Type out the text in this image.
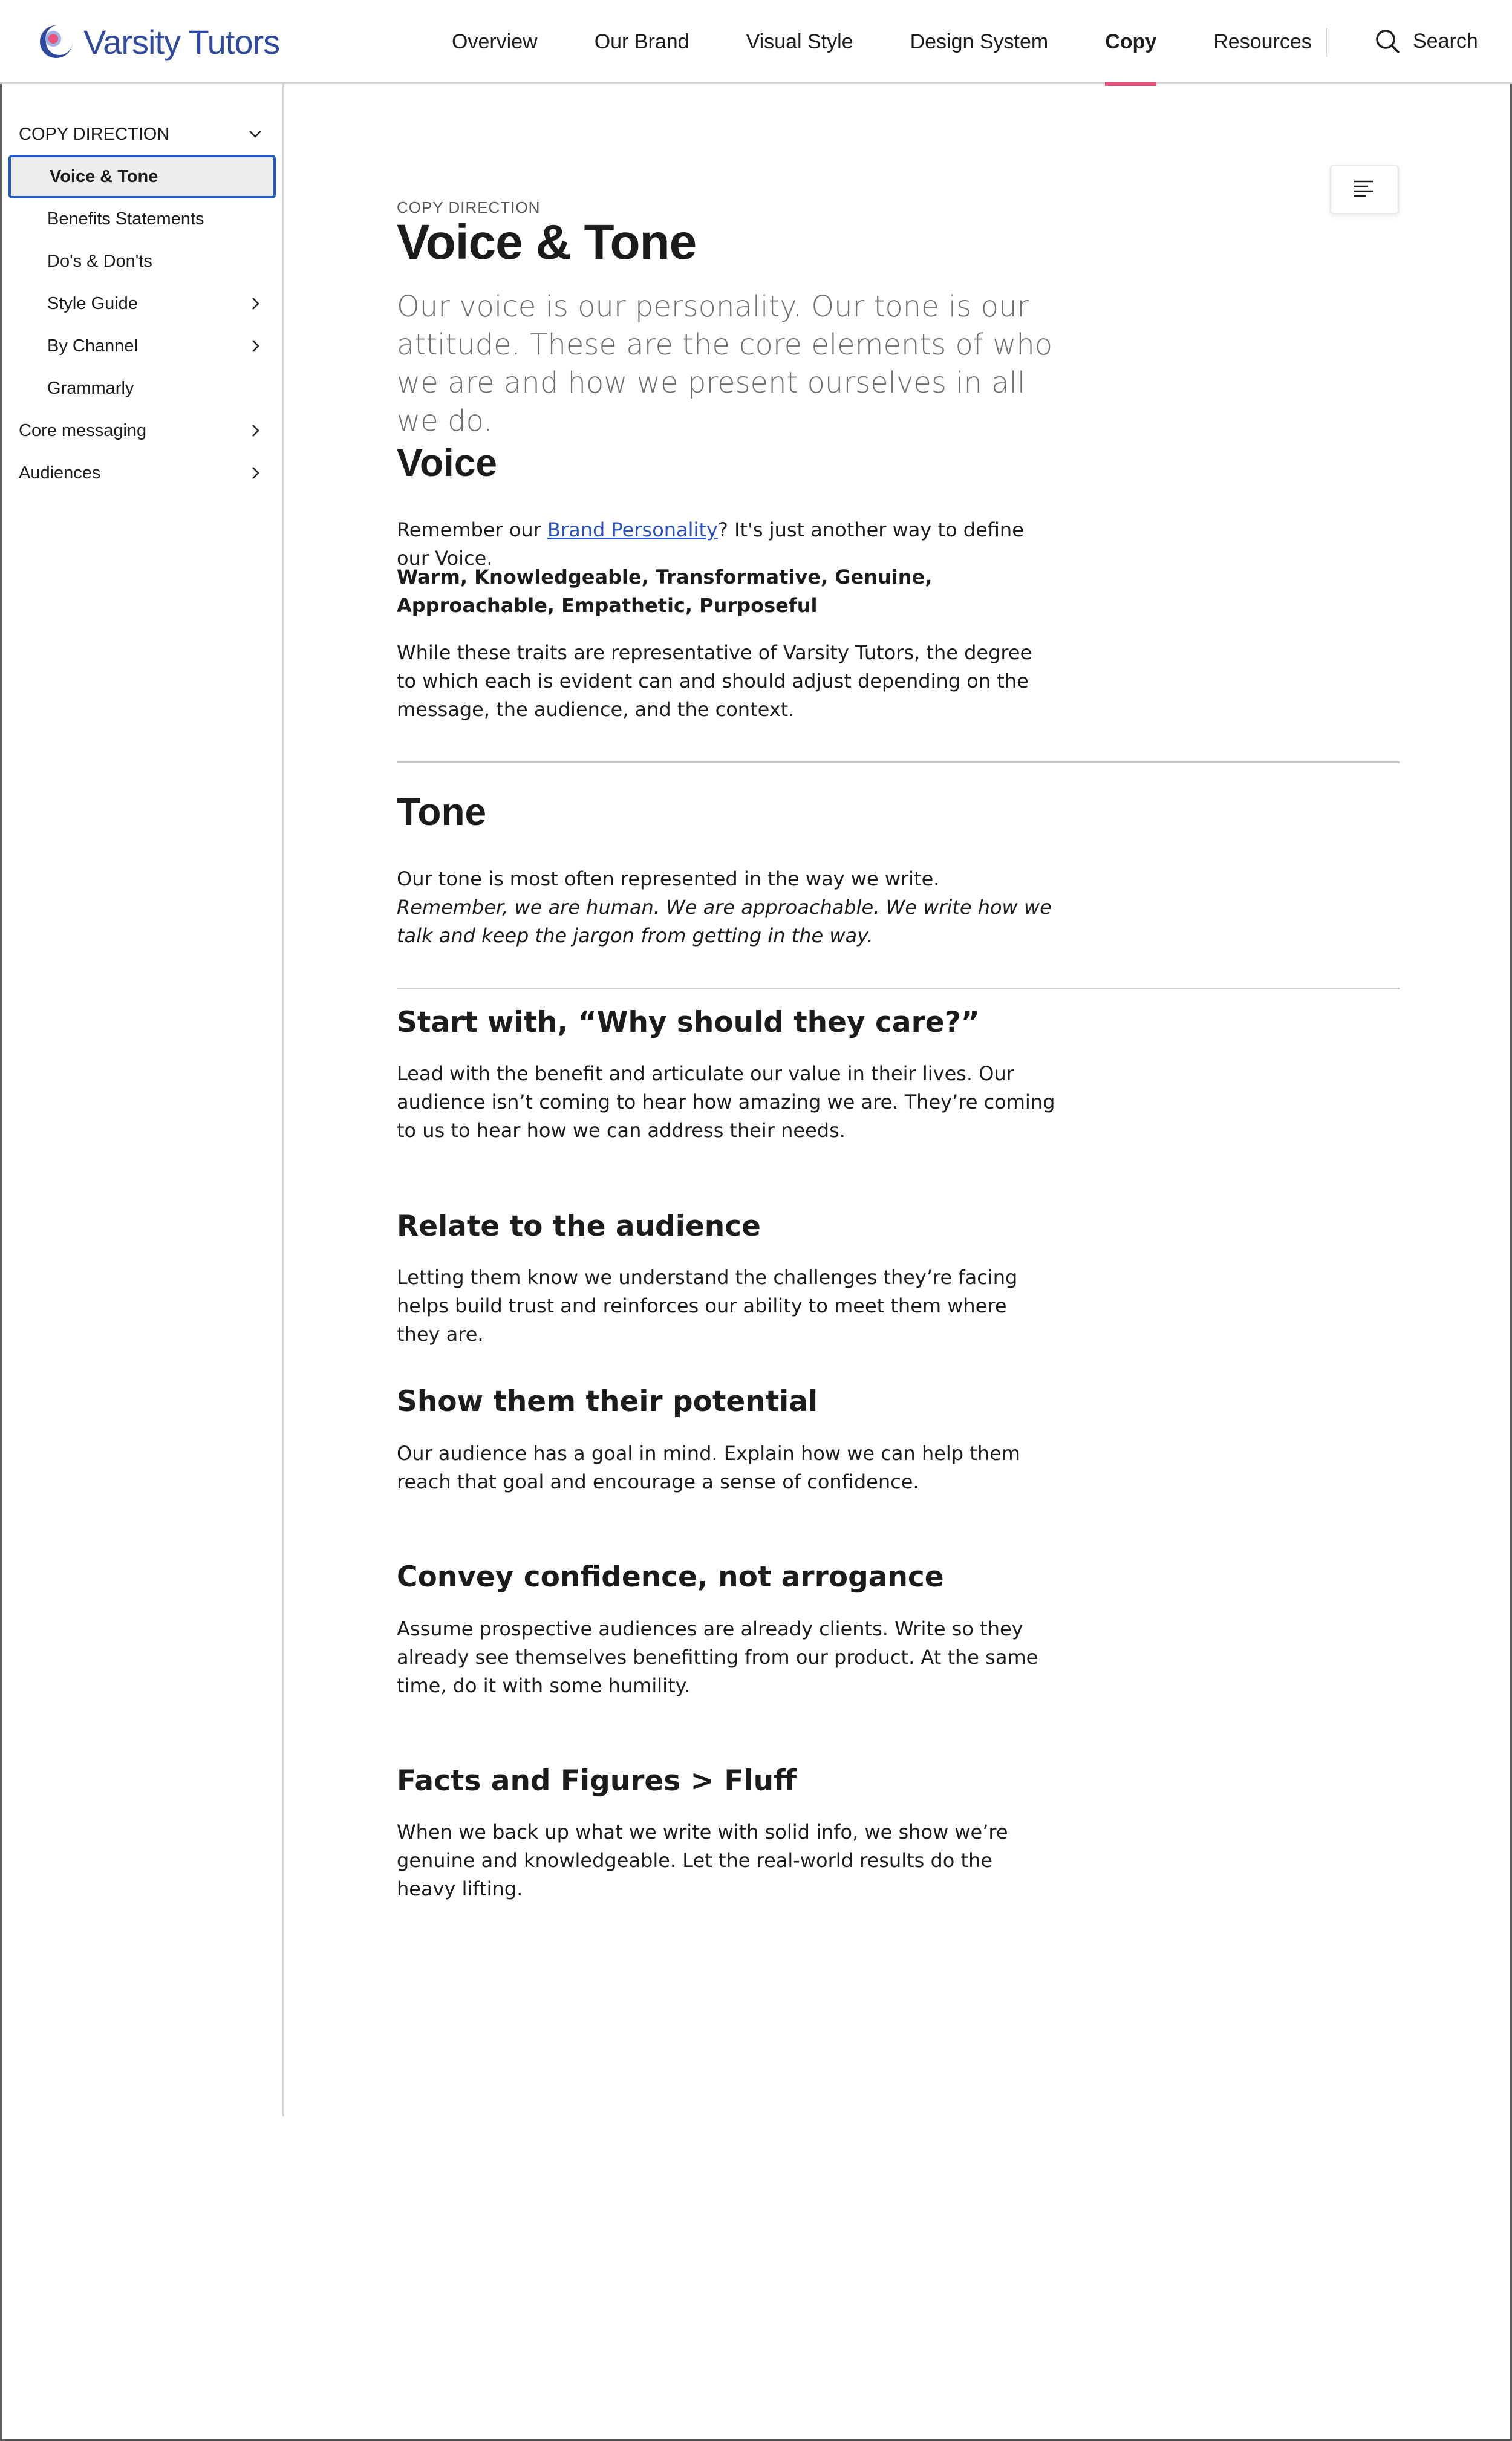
Varsity Tutors	Overview	Our Brand	Visual Style	Design System	Copy	Resources	Search
COPY DIRECTION
Voice & Tone
Benefits Statements
Do's & Don'ts
Style Guide
By Channel
Grammarly
Core messaging
Audiences
COPY DIRECTION
Voice & Tone

Our voice is our personality. Our tone is our attitude. These are the core elements of who we are and how we present ourselves in all we do.

Voice

Remember our Brand Personality? It's just another way to define our Voice.

Warm, Knowledgeable, Transformative, Genuine, Approachable, Empathetic, Purposeful

While these traits are representative of Varsity Tutors, the degree to which each is evident can and should adjust depending on the message, the audience, and the context.

Tone

Our tone is most often represented in the way we write. Remember, we are human. We are approachable. We write how we talk and keep the jargon from getting in the way.

Start with, “Why should they care?”

Lead with the benefit and articulate our value in their lives. Our audience isn’t coming to hear how amazing we are. They’re coming to us to hear how we can address their needs.

Relate to the audience

Letting them know we understand the challenges they’re facing helps build trust and reinforces our ability to meet them where they are.

Show them their potential

Our audience has a goal in mind. Explain how we can help them reach that goal and encourage a sense of confidence.

Convey confidence, not arrogance

Assume prospective audiences are already clients. Write so they already see themselves benefitting from our product. At the same time, do it with some humility.

Facts and Figures > Fluff

When we back up what we write with solid info, we show we’re genuine and knowledgeable. Let the real-world results do the heavy lifting.
